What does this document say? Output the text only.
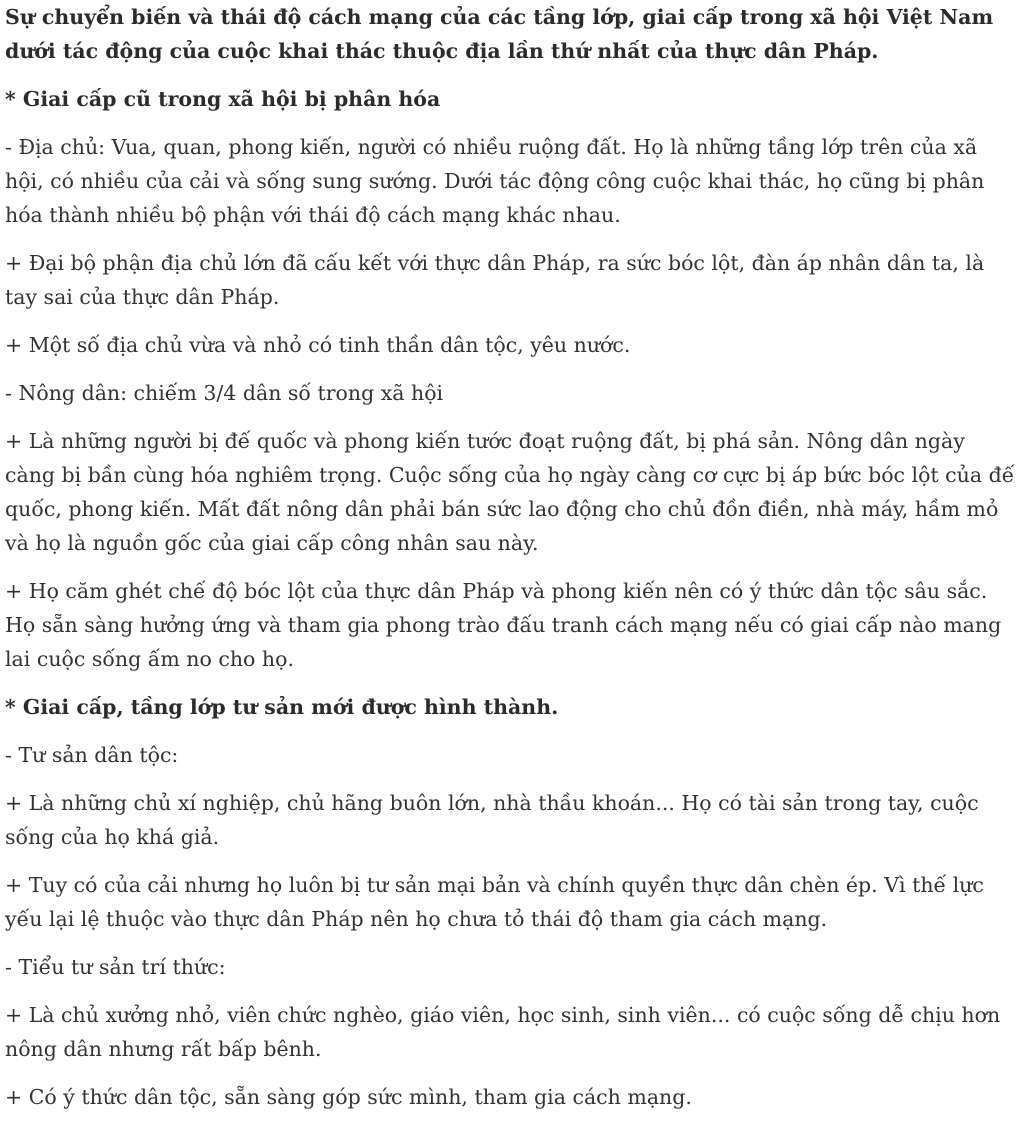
Sự chuyển biến và thái độ cách mạng của các tầng lớp, giai cấp trong xã hội Việt Nam dưới tác động của cuộc khai thác thuộc địa lần thứ nhất của thực dân Pháp.

* Giai cấp cũ trong xã hội bị phân hóa

- Địa chủ: Vua, quan, phong kiến, người có nhiều ruộng đất. Họ là những tầng lớp trên của xã hội, có nhiều của cải và sống sung sướng. Dưới tác động công cuộc khai thác, họ cũng bị phân hóa thành nhiều bộ phận với thái độ cách mạng khác nhau.

+ Đại bộ phận địa chủ lớn đã cấu kết với thực dân Pháp, ra sức bóc lột, đàn áp nhân dân ta, là tay sai của thực dân Pháp.

+ Một số địa chủ vừa và nhỏ có tinh thần dân tộc, yêu nước.

- Nông dân: chiếm 3/4 dân số trong xã hội

+ Là những người bị đế quốc và phong kiến tước đoạt ruộng đất, bị phá sản. Nông dân ngày càng bị bần cùng hóa nghiêm trọng. Cuộc sống của họ ngày càng cơ cực bị áp bức bóc lột của đế quốc, phong kiến. Mất đất nông dân phải bán sức lao động cho chủ đồn điền, nhà máy, hầm mỏ và họ là nguồn gốc của giai cấp công nhân sau này.

+ Họ căm ghét chế độ bóc lột của thực dân Pháp và phong kiến nên có ý thức dân tộc sâu sắc. Họ sẵn sàng hưởng ứng và tham gia phong trào đấu tranh cách mạng nếu có giai cấp nào mang lai cuộc sống ấm no cho họ.

* Giai cấp, tầng lớp tư sản mới được hình thành.

- Tư sản dân tộc:

+ Là những chủ xí nghiệp, chủ hãng buôn lớn, nhà thầu khoán... Họ có tài sản trong tay, cuộc sống của họ khá giả.

+ Tuy có của cải nhưng họ luôn bị tư sản mại bản và chính quyền thực dân chèn ép. Vì thế lực yếu lại lệ thuộc vào thực dân Pháp nên họ chưa tỏ thái độ tham gia cách mạng.

- Tiểu tư sản trí thức:

+ Là chủ xưởng nhỏ, viên chức nghèo, giáo viên, học sinh, sinh viên... có cuộc sống dễ chịu hơn nông dân nhưng rất bấp bênh.

+ Có ý thức dân tộc, sẵn sàng góp sức mình, tham gia cách mạng.
